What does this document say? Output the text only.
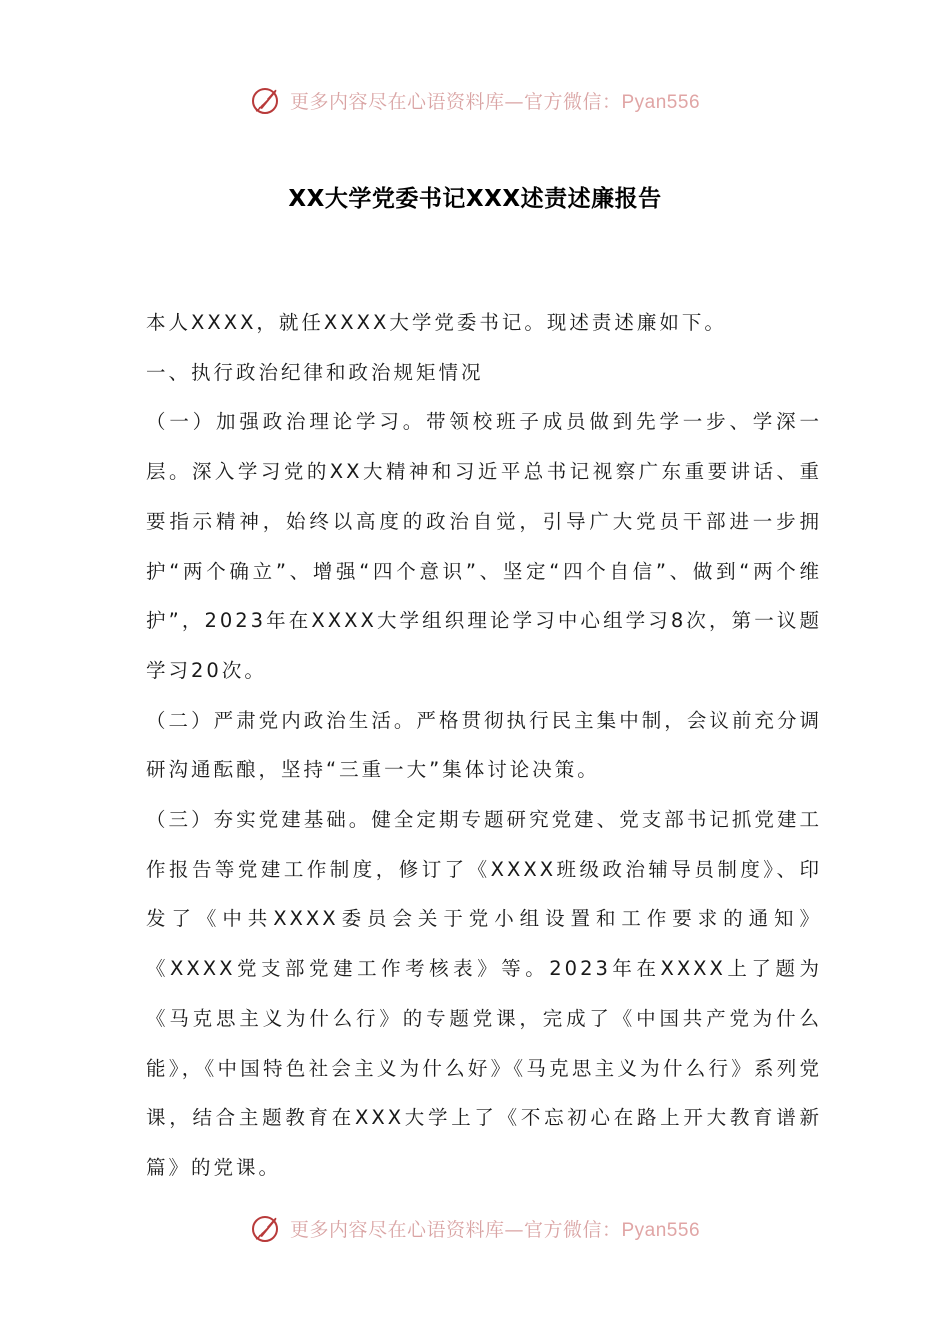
更多内容尽在心语资料库—官方微信：Pyan556
XX大学党委书记XXX述责述廉报告

本人XXXX，就任XXXX大学党委书记。现述责述廉如下。

一、执行政治纪律和政治规矩情况

（一）加强政治理论学习。带领校班子成员做到先学一步、学深一层。深入学习党的XX大精神和习近平总书记视察广东重要讲话、重要指示精神，始终以高度的政治自觉，引导广大党员干部进一步拥护“两个确立”、增强“四个意识”、坚定“四个自信”、做到“两个维护”，2023年在XXXX大学组织理论学习中心组学习8次，第一议题学习20次。

（二）严肃党内政治生活。严格贯彻执行民主集中制，会议前充分调研沟通酝酿，坚持“三重一大”集体讨论决策。

（三）夯实党建基础。健全定期专题研究党建、党支部书记抓党建工作报告等党建工作制度，修订了《XXXX班级政治辅导员制度》、印发了《中共XXXX委员会关于党小组设置和工作要求的通知》《XXXX党支部党建工作考核表》等。2023年在XXXX上了题为《马克思主义为什么行》的专题党课，完成了《中国共产党为什么能》，《中国特色社会主义为什么好》《马克思主义为什么行》系列党课，结合主题教育在XXX大学上了《不忘初心在路上开大教育谱新篇》的党课。

更多内容尽在心语资料库—官方微信：Pyan556
